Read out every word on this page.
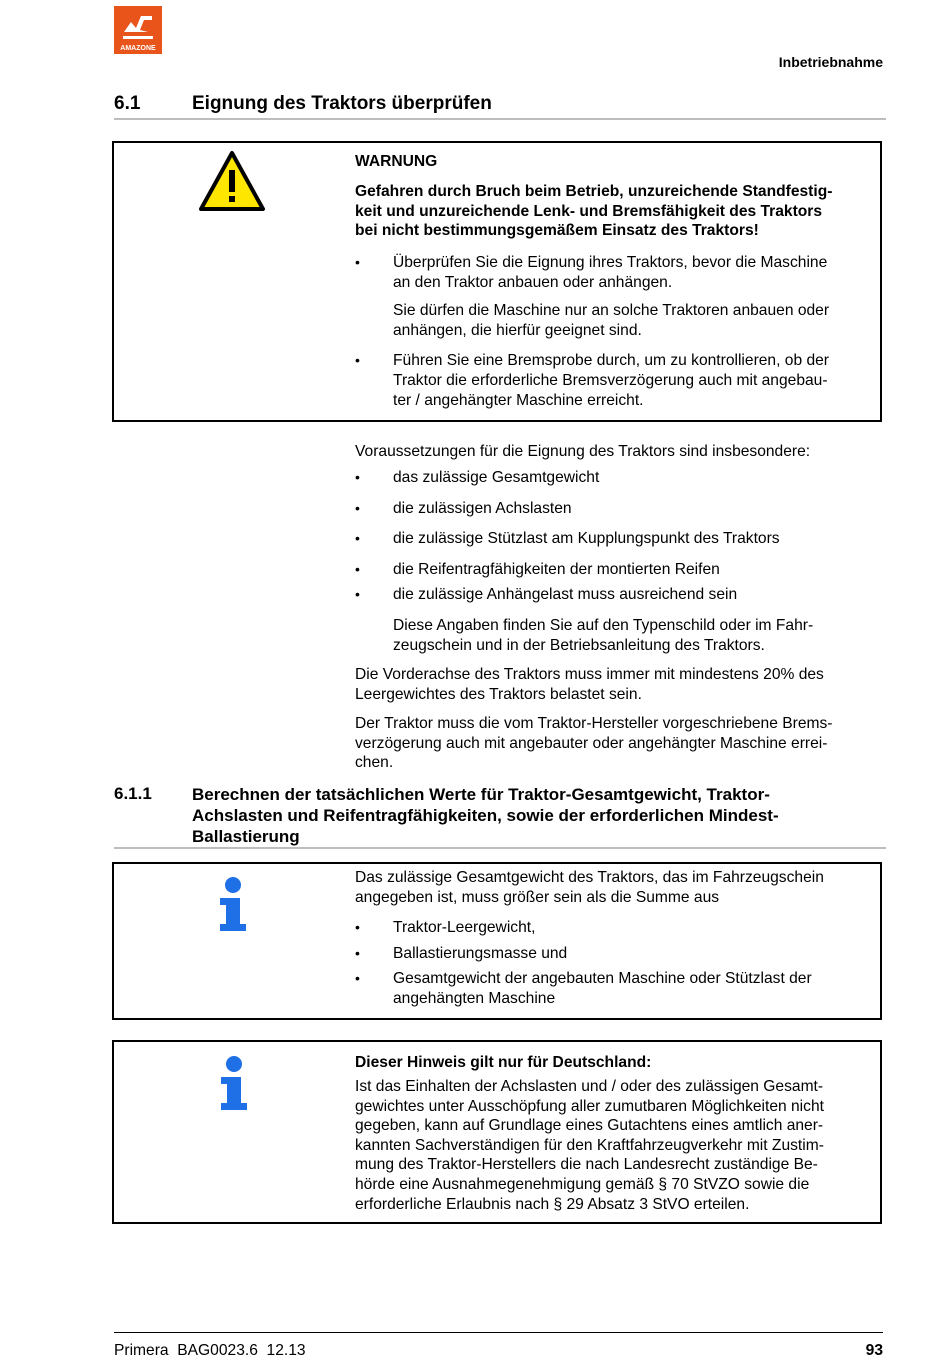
AMAZONE
Inbetriebnahme
6.1	Eignung des Traktors überprüfen
WARNUNG
Gefahren durch Bruch beim Betrieb, unzureichende Standfestig-
keit und unzureichende Lenk- und Bremsfähigkeit des Traktors
bei nicht bestimmungsgemäßem Einsatz des Traktors!
• Überprüfen Sie die Eignung ihres Traktors, bevor die Maschine
an den Traktor anbauen oder anhängen.
Sie dürfen die Maschine nur an solche Traktoren anbauen oder
anhängen, die hierfür geeignet sind.
• Führen Sie eine Bremsprobe durch, um zu kontrollieren, ob der
Traktor die erforderliche Bremsverzögerung auch mit angebau-
ter / angehängter Maschine erreicht.
Voraussetzungen für die Eignung des Traktors sind insbesondere:
• das zulässige Gesamtgewicht
• die zulässigen Achslasten
• die zulässige Stützlast am Kupplungspunkt des Traktors
• die Reifentragfähigkeiten der montierten Reifen
• die zulässige Anhängelast muss ausreichend sein
Diese Angaben finden Sie auf den Typenschild oder im Fahr-
zeugschein und in der Betriebsanleitung des Traktors.
Die Vorderachse des Traktors muss immer mit mindestens 20% des
Leergewichtes des Traktors belastet sein.
Der Traktor muss die vom Traktor-Hersteller vorgeschriebene Brems-
verzögerung auch mit angebauter oder angehängter Maschine errei-
chen.
6.1.1 Berechnen der tatsächlichen Werte für Traktor-Gesamtgewicht, Traktor-
Achslasten und Reifentragfähigkeiten, sowie der erforderlichen Mindest-
Ballastierung
Das zulässige Gesamtgewicht des Traktors, das im Fahrzeugschein
angegeben ist, muss größer sein als die Summe aus
• Traktor-Leergewicht,
• Ballastierungsmasse und
• Gesamtgewicht der angebauten Maschine oder Stützlast der
angehängten Maschine
Dieser Hinweis gilt nur für Deutschland:
Ist das Einhalten der Achslasten und / oder des zulässigen Gesamt-
gewichtes unter Ausschöpfung aller zumutbaren Möglichkeiten nicht
gegeben, kann auf Grundlage eines Gutachtens eines amtlich aner-
kannten Sachverständigen für den Kraftfahrzeugverkehr mit Zustim-
mung des Traktor-Herstellers die nach Landesrecht zuständige Be-
hörde eine Ausnahmegenehmigung gemäß § 70 StVZO sowie die
erforderliche Erlaubnis nach § 29 Absatz 3 StVO erteilen.
Primera  BAG0023.6  12.13	93
